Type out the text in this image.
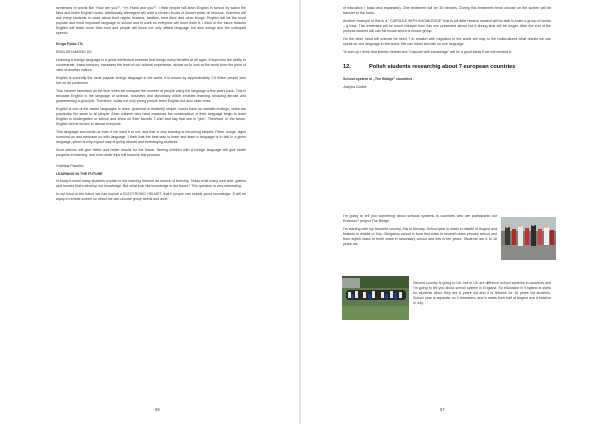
sentences or words like “How are you?”, “I’m Frank and you?”. I think people will learn English in school by watch the films and listen English music. Additionally teenagers will read a chosen books of known writer on lessons. Teachers will ask every students in class about their nights, dreams, families, best films and other things. English will be the most popular and most important language in school and in work so everyone will must learn it. I think in the future lessons English will teach more than now and people will know not only official language but also slangs and the colloquial speech.

Kinga Pytka 1Tc

ENGLISH AMONG US

Learning a foreign language is a great intellectual exercise that brings many benefits at all ages. It improves the ability to concentrate, trains memory, increases the level of our cultural experience, allows us to look at the world from the point of view of another culture.

English is currently the most popular foreign language in the world, it is known by approximately 1.5 billion people who live on all continents.

This number increases all the time when we compare the number of people using the language a few years back. This is because English is the language of science, business and diplomacy which enables learning, studying abroad and guaranteeing a good job. Therefore, today not only young people learn English but also older ones.

English is one of the easier languages to learn, grammar is relatively simple, nouns have no variable endings, verbs are practically the same in all people. Even children who have mastered the conversation in their language begin to learn English in kindergarten or school and show on their favorite T-shirt and say that she is “grin”. Therefore, in the future, English will be known to almost everyone.

This language surrounds us even if we want it or not, and that is why learning is becoming simpler. Films, songs, signs surround us and embrace us with language. I think that the best way to learn and learn a language is to talk in a given language, which is why a good way is going abroad and exchanging students.

Such actions will give better and better results for the future. Taming children with a foreign language will give faster progress in learning, and ever-wider trips will improve this process.

Gabriela Pawelec

LEARNING IN THE FUTURE

In today’s world many students explain to the learning Internet as source of learning. Today exist many web side, games and movies that’s develop our knowledge. But what look like knowledge in the future? This question is very interesting.

In my mind in the future we can exploit a ELECTRONIC HELMET, that’s people can exploit yours knowledge. It will be equip in remote screen on which we can choose group words and level

56

of education ( basic and expanded). One treatment will be 30 minutes. During this treatment news choose on the screen will be transfer to the brain.

Another example of this is a “ CAPSULE WITH KNOWLEDGE” that is pill after receive student will be able to learn a group of words – g food. This treatment will be much cheaper from this one presented above but it during time will be longer. After the end of the process student will can full words which is choice group.

On the other hand will science be need ? In relation with migration in the world will may to the multicultures what results we can speak on one language in the world. We can travel and talk on one language.

To sum up I think that electric helmet and “Capsule with knowledge” will be a good ideas if we will needed it.

12.	Polish students researchig about 7 european countries

School system in „The Bridge” countries

Justyna Dudek

I’m going to tell you something about schools systems in countries who are participants our Erasmus+ project The Bridge.

I’m starting with my favourite country, this is Norway. School year is starts in middle of August and finishes in middle of July. Obligatory school is from first class to seventh class primary school and from eighth class to tenth class in secondary school and this is ten years. Students are 6 to 16 years old.

Second country is going to UK, but in UK are diffrence school systems in countries and I’m going to tell you about school system in England. So education in England is starts for students when they are 5 years old and it is finishes for 16 years old students. School year is separate on 3 trimesters, and is starts from half of August and it finishes in July.

57
